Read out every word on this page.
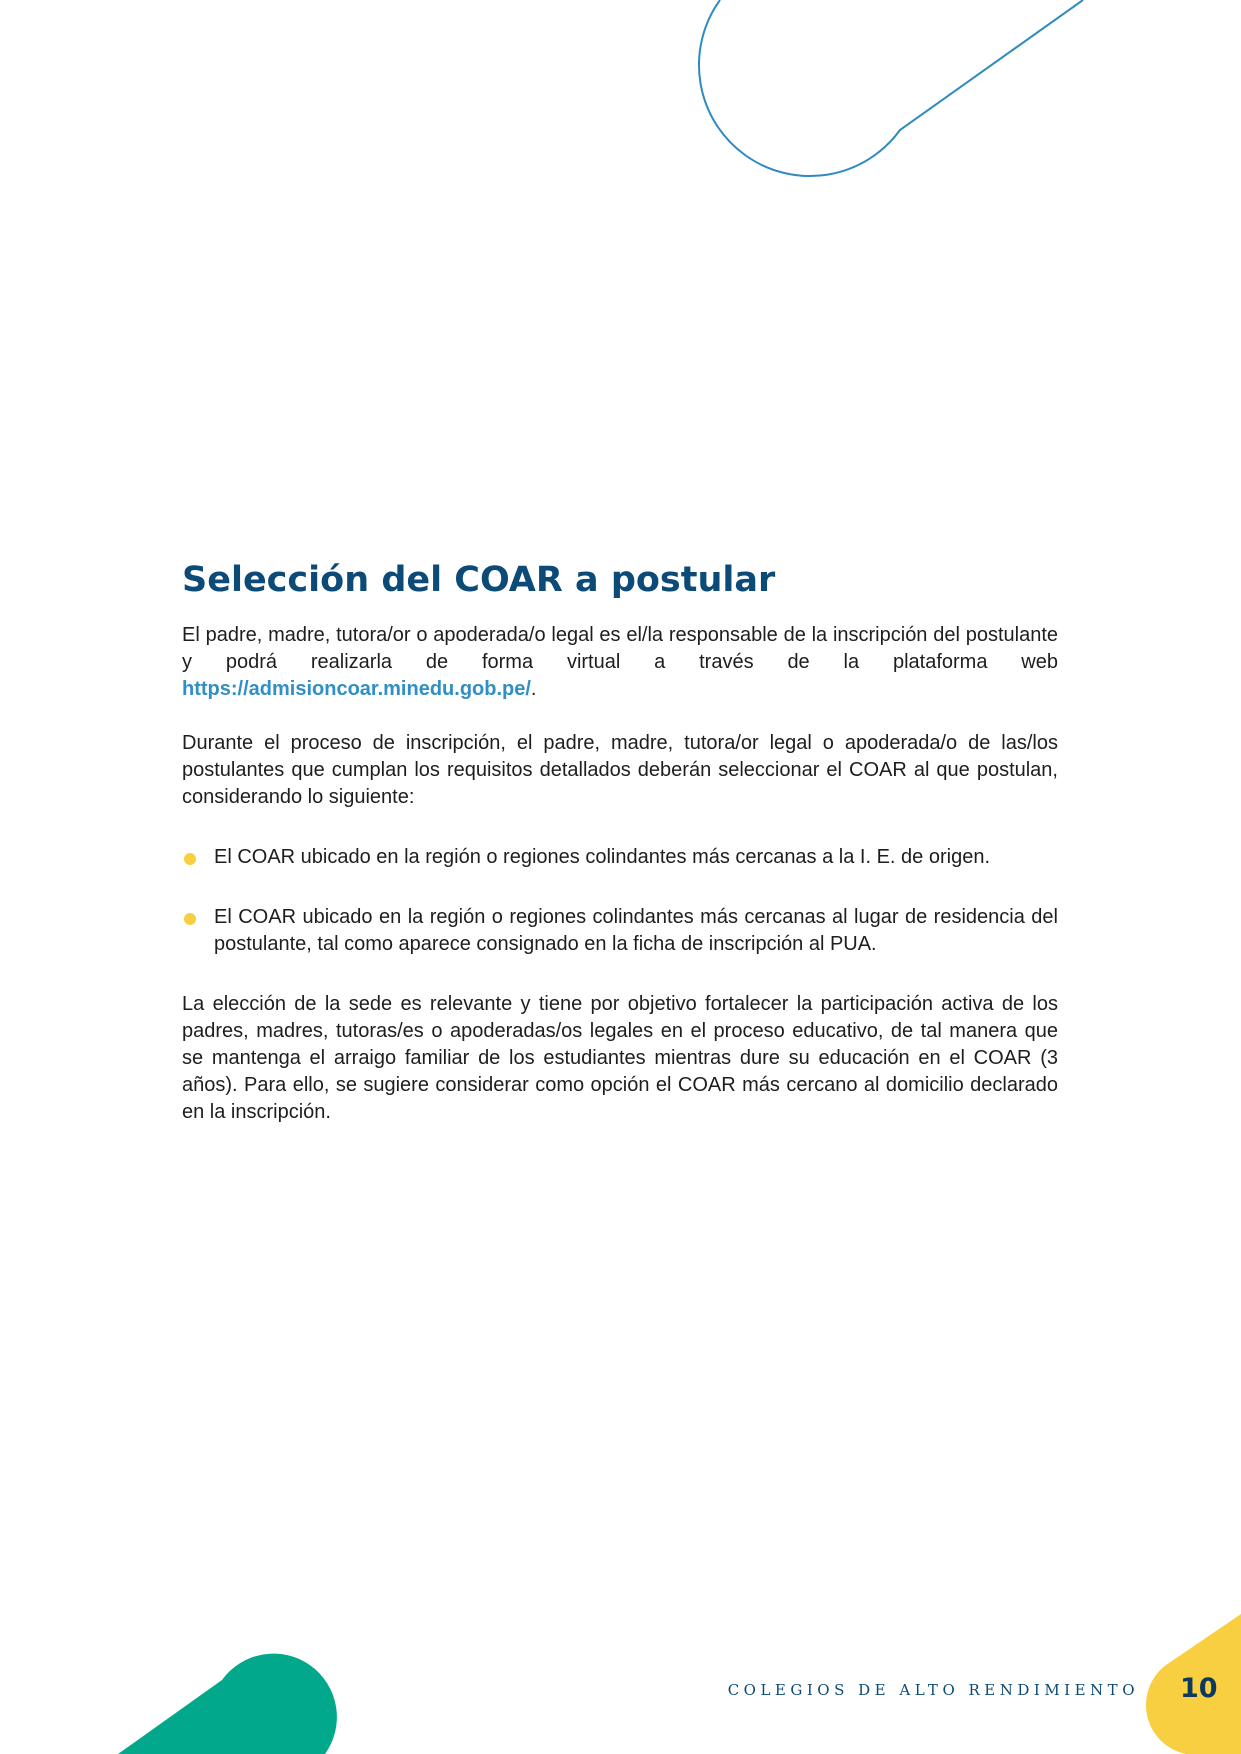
Selección del COAR a postular

El padre, madre, tutora/or o apoderada/o legal es el/la responsable de la inscripción del postulante y podrá realizarla de forma virtual a través de la plataforma web https://admisioncoar.minedu.gob.pe/.

Durante el proceso de inscripción, el padre, madre, tutora/or legal o apoderada/o de las/los postulantes que cumplan los requisitos detallados deberán seleccionar el COAR al que postulan, considerando lo siguiente:

El COAR ubicado en la región o regiones colindantes más cercanas a la I. E. de origen.
El COAR ubicado en la región o regiones colindantes más cercanas al lugar de residencia del postulante, tal como aparece consignado en la ficha de inscripción al PUA.

La elección de la sede es relevante y tiene por objetivo fortalecer la participación activa de los padres, madres, tutoras/es o apoderadas/os legales en el proceso educativo, de tal manera que se mantenga el arraigo familiar de los estudiantes mientras dure su educación en el COAR (3 años). Para ello, se sugiere considerar como opción el COAR más cercano al domicilio declarado en la inscripción.

COLEGIOS DE ALTO RENDIMIENTO 10
